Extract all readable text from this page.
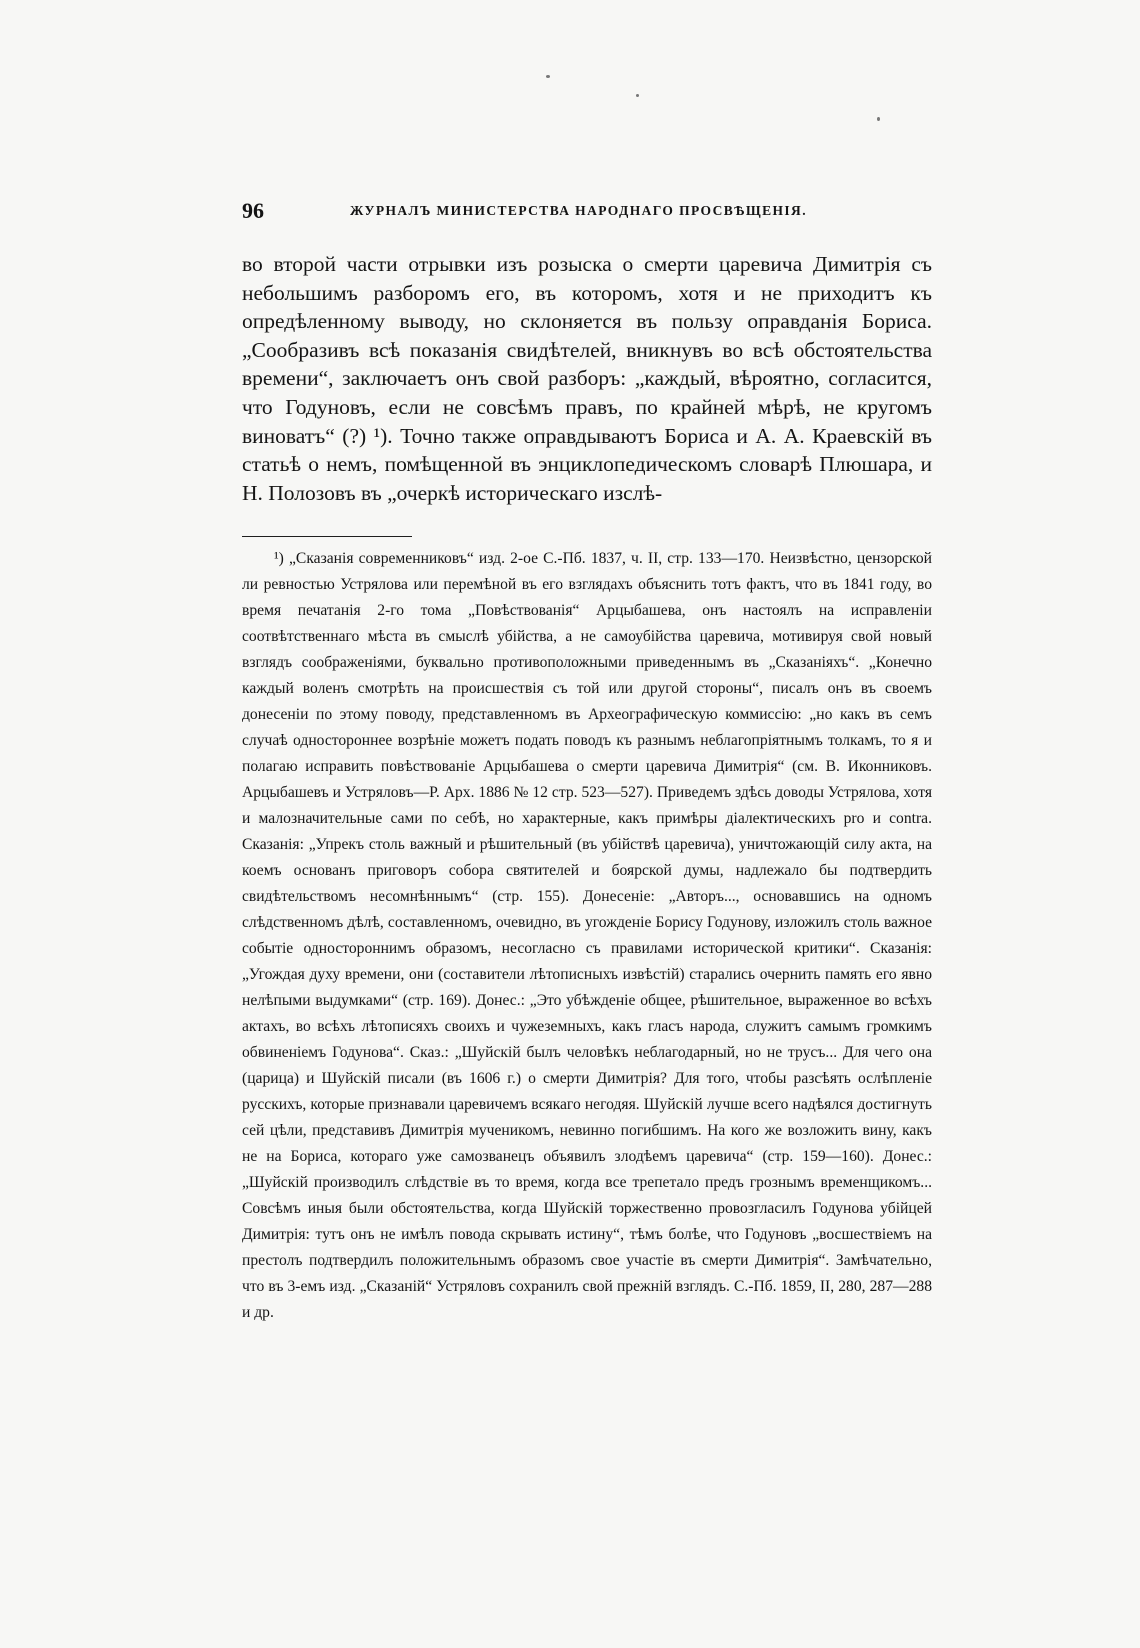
96	ЖУРНАЛЪ МИНИСТЕРСТВА НАРОДНАГО ПРОСВѢЩЕНІЯ.

во второй части отрывки изъ розыска о смерти царевича Димитрія съ небольшимъ разборомъ его, въ которомъ, хотя и не приходитъ къ опредѣленному выводу, но склоняется въ пользу оправданія Бориса. „Сообразивъ всѣ показанія свидѣтелей, вникнувъ во всѣ обстоятельства времени“, заключаетъ онъ свой разборъ: „каждый, вѣроятно, согласится, что Годуновъ, если не совсѣмъ правъ, по крайней мѣрѣ, не кругомъ виноватъ“ (?) ¹). Точно также оправдываютъ Бориса и А. А. Краевскій въ статьѣ о немъ, помѣщенной въ энциклопедическомъ словарѣ Плюшара, и Н. Полозовъ въ „очеркѣ историческаго изслѣ-

¹) „Сказанія современниковъ“ изд. 2-ое С.-Пб. 1837, ч. II, стр. 133—170. Неизвѣстно, цензорской ли ревностью Устрялова или перемѣной въ его взглядахъ объяснить тотъ фактъ, что въ 1841 году, во время печатанія 2-го тома „Повѣствованія“ Арцыбашева, онъ настоялъ на исправленіи соотвѣтственнаго мѣста въ смыслѣ убійства, а не самоубійства царевича, мотивируя свой новый взглядъ соображеніями, буквально противоположными приведеннымъ въ „Сказаніяхъ“. „Конечно каждый воленъ смотрѣть на происшествія съ той или другой стороны“, писалъ онъ въ своемъ донесеніи по этому поводу, представленномъ въ Археографическую коммиссію: „но какъ въ семъ случаѣ одностороннее возрѣніе можетъ подать поводъ къ разнымъ неблагопріятнымъ толкамъ, то я и полагаю исправить повѣствованіе Арцыбашева о смерти царевича Димитрія“ (см. В. Иконниковъ. Арцыбашевъ и Устряловъ—Р. Арх. 1886 № 12 стр. 523—527). Приведемъ здѣсь доводы Устрялова, хотя и малозначительные сами по себѣ, но характерные, какъ примѣры діалектическихъ pro и contra. Сказанія: „Упрекъ столь важный и рѣшительный (въ убійствѣ царевича), уничтожающій силу акта, на коемъ основанъ приговоръ собора святителей и боярской думы, надлежало бы подтвердить свидѣтельствомъ несомнѣннымъ“ (стр. 155). Донесеніе: „Авторъ..., основавшись на одномъ слѣдственномъ дѣлѣ, составленномъ, очевидно, въ угожденіе Борису Годунову, изложилъ столь важное событіе одностороннимъ образомъ, несогласно съ правилами исторической критики“. Сказанія: „Угождая духу времени, они (составители лѣтописныхъ извѣстій) старались очернить память его явно нелѣпыми выдумками“ (стр. 169). Донес.: „Это убѣжденіе общее, рѣшительное, выраженное во всѣхъ актахъ, во всѣхъ лѣтописяхъ своихъ и чужеземныхъ, какъ гласъ народа, служитъ самымъ громкимъ обвиненіемъ Годунова“. Сказ.: „Шуйскій былъ человѣкъ неблагодарный, но не трусъ... Для чего она (царица) и Шуйскій писали (въ 1606 г.) о смерти Димитрія? Для того, чтобы разсѣять ослѣпленіе русскихъ, которые признавали царевичемъ всякаго негодяя. Шуйскій лучше всего надѣялся достигнуть сей цѣли, представивъ Димитрія мученикомъ, невинно погибшимъ. На кого же возложить вину, какъ не на Бориса, котораго уже самозванецъ объявилъ злодѣемъ царевича“ (стр. 159—160). Донес.: „Шуйскій производилъ слѣдствіе въ то время, когда все трепетало предъ грознымъ временщикомъ... Совсѣмъ иныя были обстоятельства, когда Шуйскій торжественно провозгласилъ Годунова убійцей Димитрія: тутъ онъ не имѣлъ повода скрывать истину“, тѣмъ болѣе, что Годуновъ „восшествіемъ на престолъ подтвердилъ положительнымъ образомъ свое участіе въ смерти Димитрія“. Замѣчательно, что въ 3-емъ изд. „Сказаній“ Устряловъ сохранилъ свой прежній взглядъ. С.-Пб. 1859, II, 280, 287—288 и др.
